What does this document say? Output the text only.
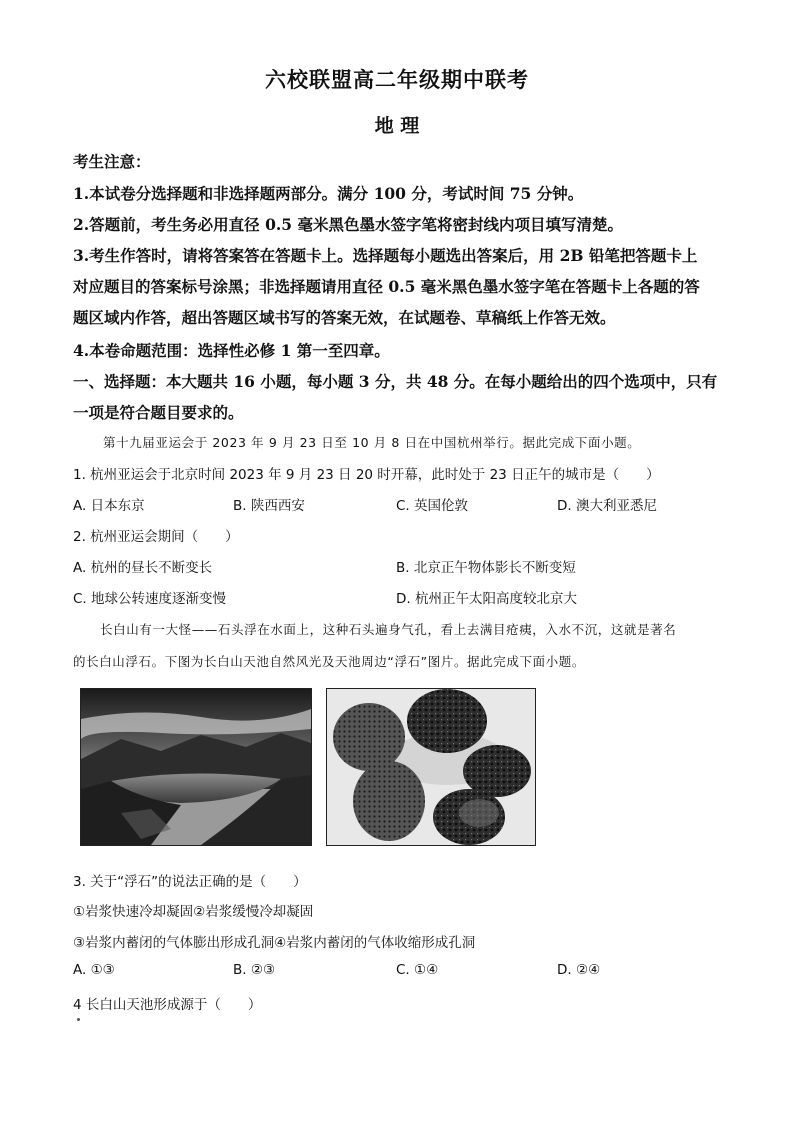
六校联盟高二年级期中联考
地 理
考生注意：
1.本试卷分选择题和非选择题两部分。满分 100 分，考试时间 75 分钟。
2.答题前，考生务必用直径 0.5 毫米黑色墨水签字笔将密封线内项目填写清楚。
3.考生作答时，请将答案答在答题卡上。选择题每小题选出答案后，用 2B 铅笔把答题卡上
对应题目的答案标号涂黑；非选择题请用直径 0.5 毫米黑色墨水签字笔在答题卡上各题的答
题区域内作答，超出答题区域书写的答案无效，在试题卷、草稿纸上作答无效。
4.本卷命题范围：选择性必修 1 第一至四章。
一、选择题：本大题共 16 小题，每小题 3 分，共 48 分。在每小题给出的四个选项中，只有
一项是符合题目要求的。
第十九届亚运会于 2023 年 9 月 23 日至 10 月 8 日在中国杭州举行。据此完成下面小题。
1. 杭州亚运会于北京时间 2023 年 9 月 23 日 20 时开幕，此时处于 23 日正午的城市是（　　）
A. 日本东京	B. 陕西西安	C. 英国伦敦	D. 澳大利亚悉尼
2. 杭州亚运会期间（　　）
A. 杭州的昼长不断变长	B. 北京正午物体影长不断变短
C. 地球公转速度逐渐变慢	D. 杭州正午太阳高度较北京大
长白山有一大怪——石头浮在水面上，这种石头遍身气孔，看上去满目疮痍，入水不沉，这就是著名
的长白山浮石。下图为长白山天池自然风光及天池周边“浮石”图片。据此完成下面小题。
3. 关于“浮石”的说法正确的是（　　）
①岩浆快速冷却凝固②岩浆缓慢冷却凝固
③岩浆内蓄闭的气体膨出形成孔洞④岩浆内蓄闭的气体收缩形成孔洞
A. ①③	B. ②③	C. ①④	D. ②④
4 长白山天池形成源于（　　）
